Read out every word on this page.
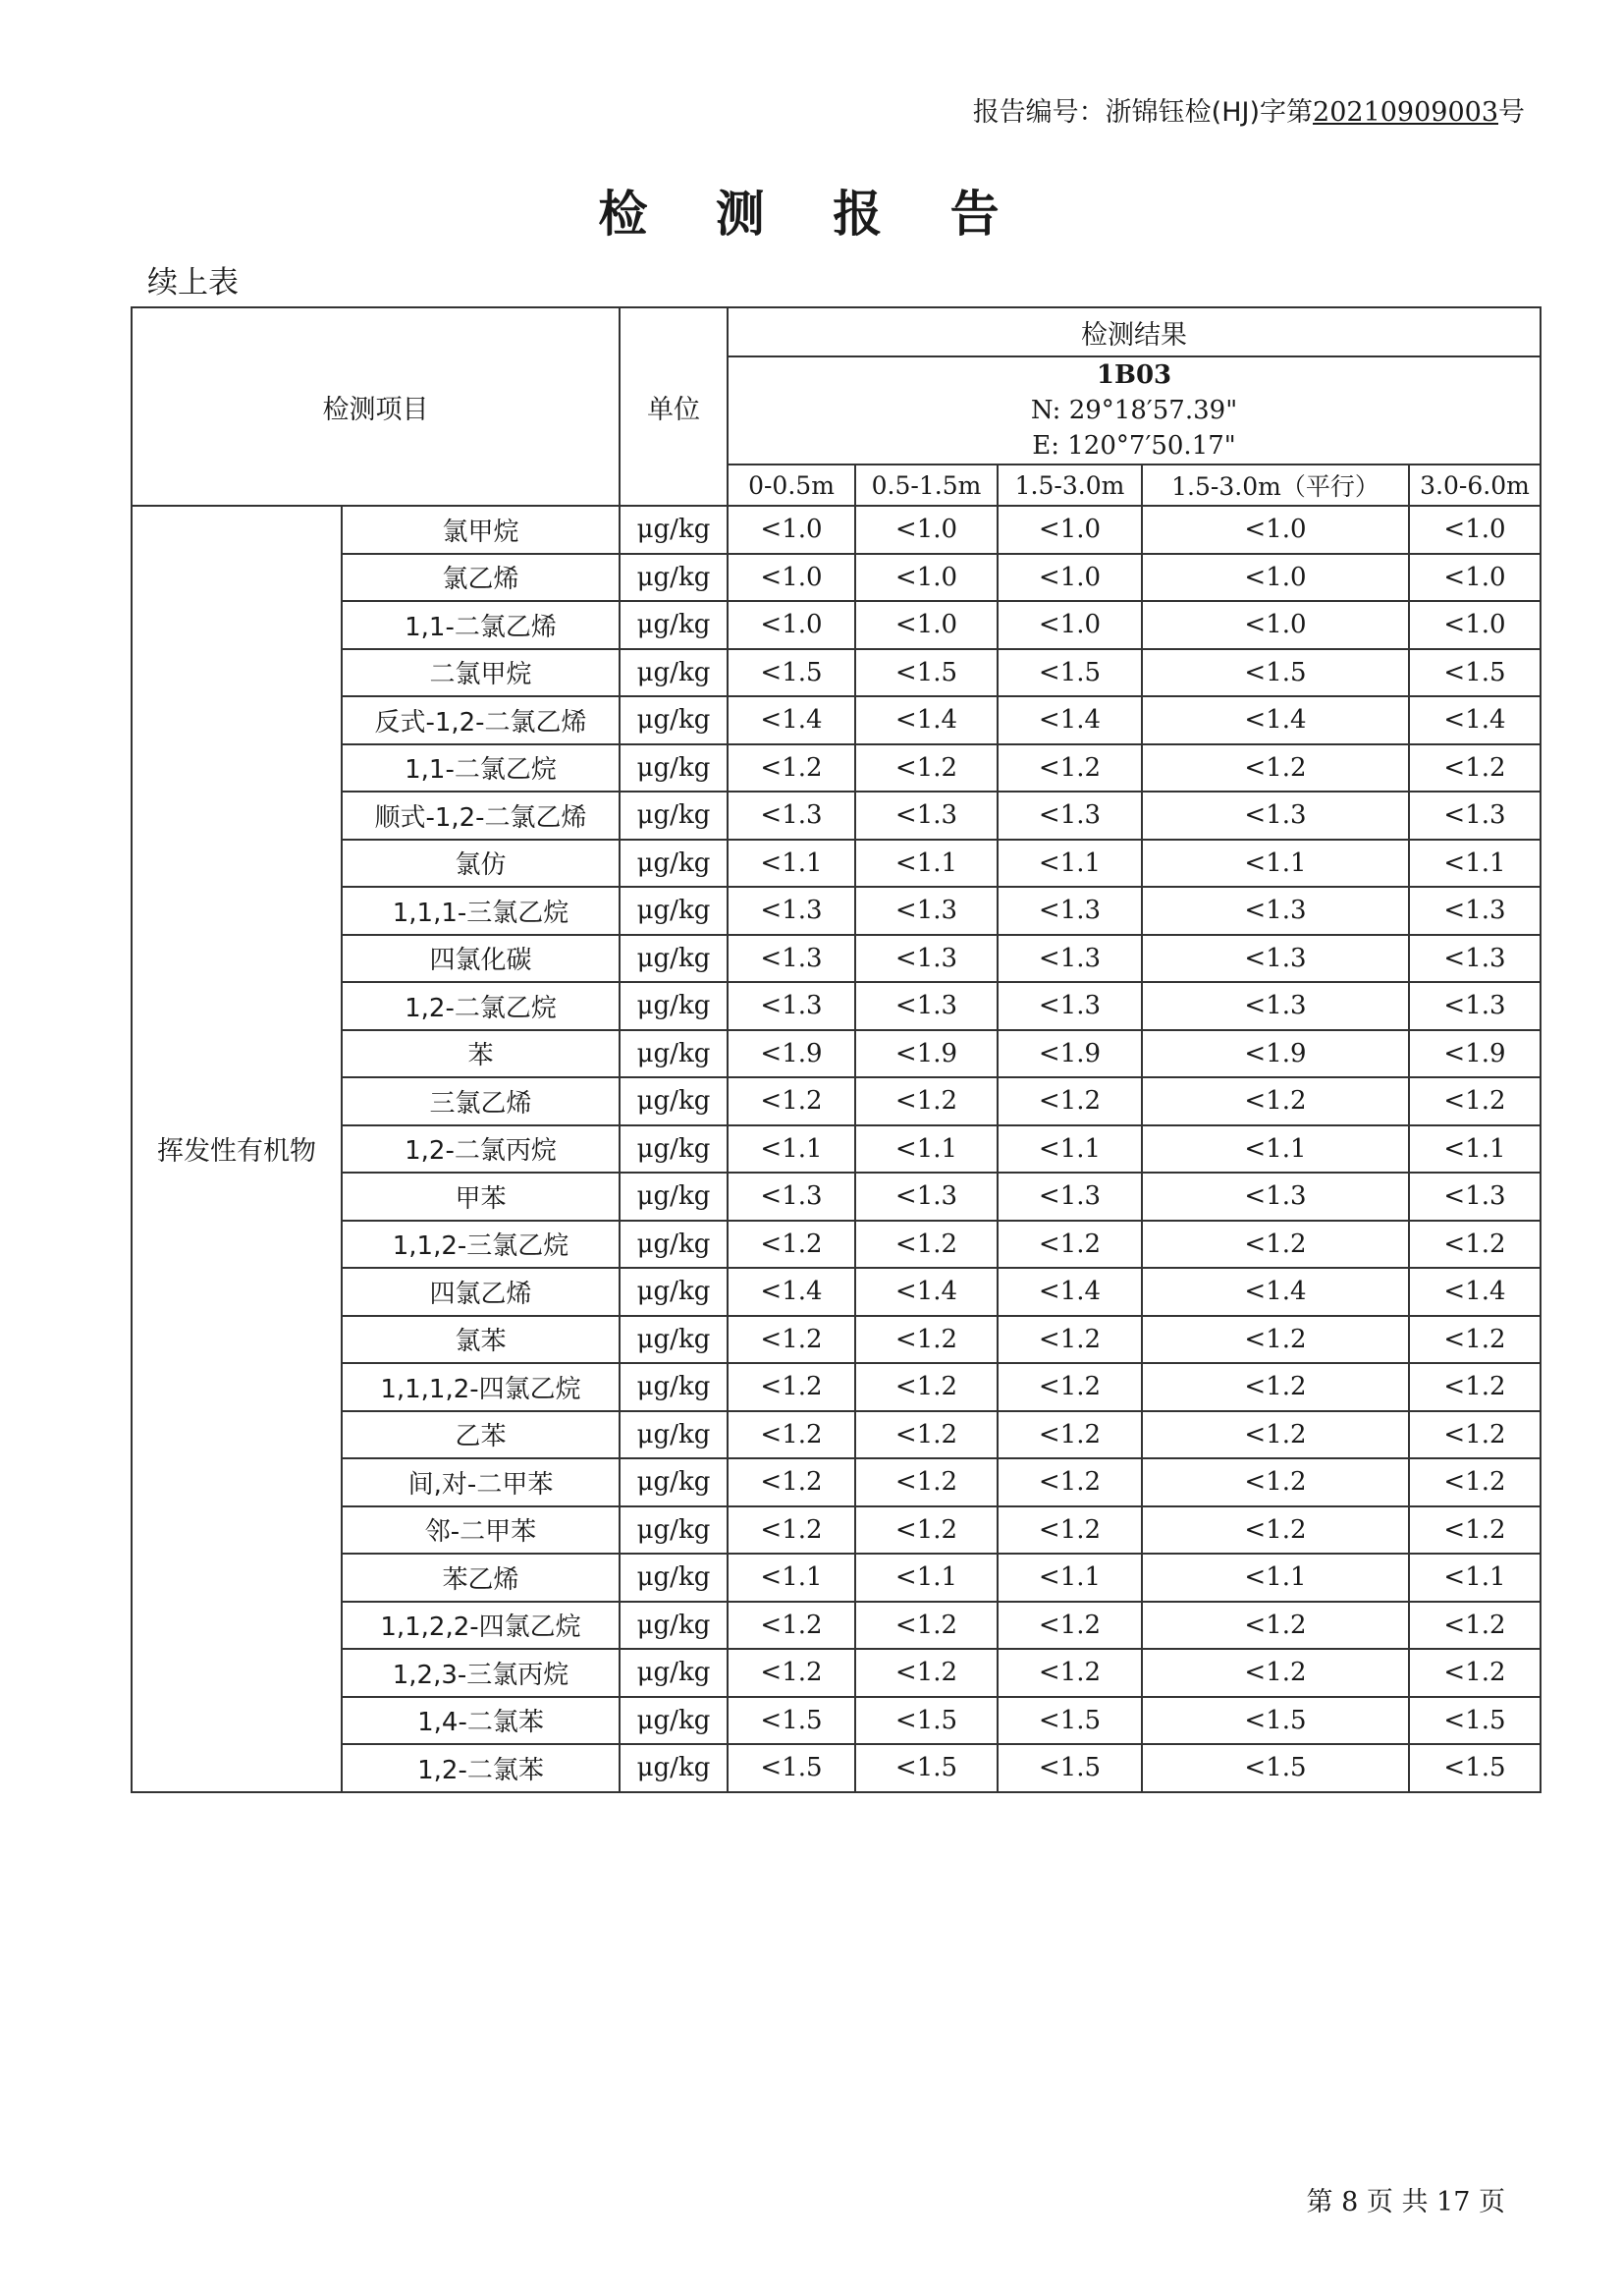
报告编号：浙锦钰检(HJ)字第20210909003号
检 测 报 告
续上表
检测项目		单位	检测结果				

			1B03
N: 29°18′57.39"
E: 120°7′50.17"				

			0-0.5m	0.5-1.5m	1.5-3.0m	1.5-3.0m（平行）	3.0-6.0m
挥发性有机物	氯甲烷	μg/kg	<1.0	<1.0	<1.0	<1.0	<1.0
	氯乙烯	μg/kg	<1.0	<1.0	<1.0	<1.0	<1.0
	1,1-二氯乙烯	μg/kg	<1.0	<1.0	<1.0	<1.0	<1.0
	二氯甲烷	μg/kg	<1.5	<1.5	<1.5	<1.5	<1.5
	反式-1,2-二氯乙烯	μg/kg	<1.4	<1.4	<1.4	<1.4	<1.4
	1,1-二氯乙烷	μg/kg	<1.2	<1.2	<1.2	<1.2	<1.2
	顺式-1,2-二氯乙烯	μg/kg	<1.3	<1.3	<1.3	<1.3	<1.3
	氯仿	μg/kg	<1.1	<1.1	<1.1	<1.1	<1.1
	1,1,1-三氯乙烷	μg/kg	<1.3	<1.3	<1.3	<1.3	<1.3
	四氯化碳	μg/kg	<1.3	<1.3	<1.3	<1.3	<1.3
	1,2-二氯乙烷	μg/kg	<1.3	<1.3	<1.3	<1.3	<1.3
	苯	μg/kg	<1.9	<1.9	<1.9	<1.9	<1.9
	三氯乙烯	μg/kg	<1.2	<1.2	<1.2	<1.2	<1.2
	1,2-二氯丙烷	μg/kg	<1.1	<1.1	<1.1	<1.1	<1.1
	甲苯	μg/kg	<1.3	<1.3	<1.3	<1.3	<1.3
	1,1,2-三氯乙烷	μg/kg	<1.2	<1.2	<1.2	<1.2	<1.2
	四氯乙烯	μg/kg	<1.4	<1.4	<1.4	<1.4	<1.4
	氯苯	μg/kg	<1.2	<1.2	<1.2	<1.2	<1.2
	1,1,1,2-四氯乙烷	μg/kg	<1.2	<1.2	<1.2	<1.2	<1.2
	乙苯	μg/kg	<1.2	<1.2	<1.2	<1.2	<1.2
	间,对-二甲苯	μg/kg	<1.2	<1.2	<1.2	<1.2	<1.2
	邻-二甲苯	μg/kg	<1.2	<1.2	<1.2	<1.2	<1.2
	苯乙烯	μg/kg	<1.1	<1.1	<1.1	<1.1	<1.1
	1,1,2,2-四氯乙烷	μg/kg	<1.2	<1.2	<1.2	<1.2	<1.2
	1,2,3-三氯丙烷	μg/kg	<1.2	<1.2	<1.2	<1.2	<1.2
	1,4-二氯苯	μg/kg	<1.5	<1.5	<1.5	<1.5	<1.5
	1,2-二氯苯	μg/kg	<1.5	<1.5	<1.5	<1.5	<1.5
第 8 页 共 17 页
